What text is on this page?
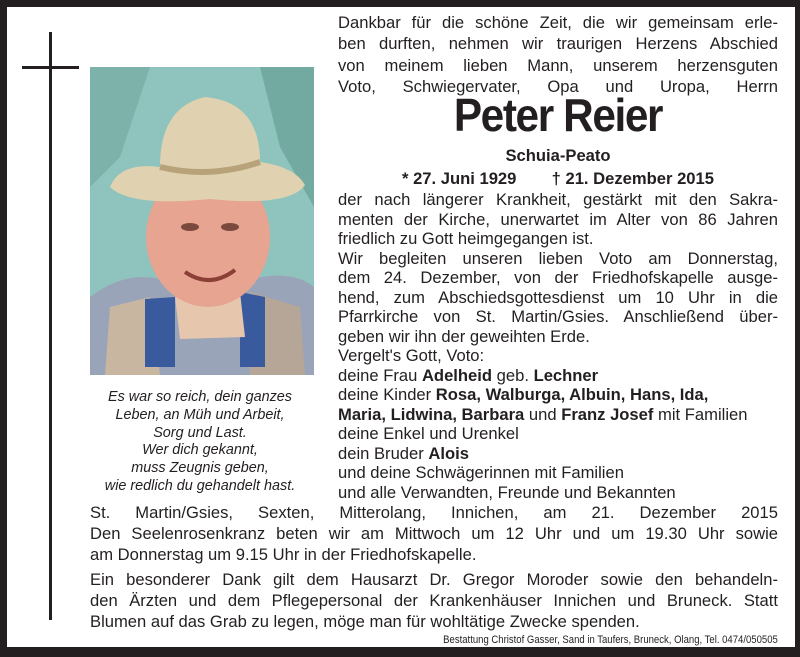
Dankbar für die schöne Zeit, die wir gemeinsam erle-
ben durften, nehmen wir traurigen Herzens Abschied
von meinem lieben Mann, unserem herzensguten
Voto, Schwiegervater, Opa und Uropa, Herrn
Peter Reier
Schuia-Peato
* 27. Juni 1929 † 21. Dezember 2015
der nach längerer Krankheit, gestärkt mit den Sakra-
menten der Kirche, unerwartet im Alter von 86 Jahren
friedlich zu Gott heimgegangen ist.
Wir begleiten unseren lieben Voto am Donnerstag,
dem 24. Dezember, von der Friedhofskapelle ausge-
hend, zum Abschiedsgottesdienst um 10 Uhr in die
Pfarrkirche von St. Martin/Gsies. Anschließend über-
geben wir ihn der geweihten Erde.
Vergelt's Gott, Voto:
deine Frau Adelheid geb. Lechner
deine Kinder Rosa, Walburga, Albuin, Hans, Ida,
Maria, Lidwina, Barbara und Franz Josef mit Familien
deine Enkel und Urenkel
dein Bruder Alois
und deine Schwägerinnen mit Familien
und alle Verwandten, Freunde und Bekannten
Es war so reich, dein ganzes
Leben, an Müh und Arbeit,
Sorg und Last.
Wer dich gekannt,
muss Zeugnis geben,
wie redlich du gehandelt hast.
St. Martin/Gsies, Sexten, Mitterolang, Innichen, am 21. Dezember 2015
Den Seelenrosenkranz beten wir am Mittwoch um 12 Uhr und um 19.30 Uhr sowie
am Donnerstag um 9.15 Uhr in der Friedhofskapelle.
Ein besonderer Dank gilt dem Hausarzt Dr. Gregor Moroder sowie den behandeln-
den Ärzten und dem Pflegepersonal der Krankenhäuser Innichen und Bruneck. Statt
Blumen auf das Grab zu legen, möge man für wohltätige Zwecke spenden.
Bestattung Christof Gasser, Sand in Taufers, Bruneck, Olang, Tel. 0474/050505
